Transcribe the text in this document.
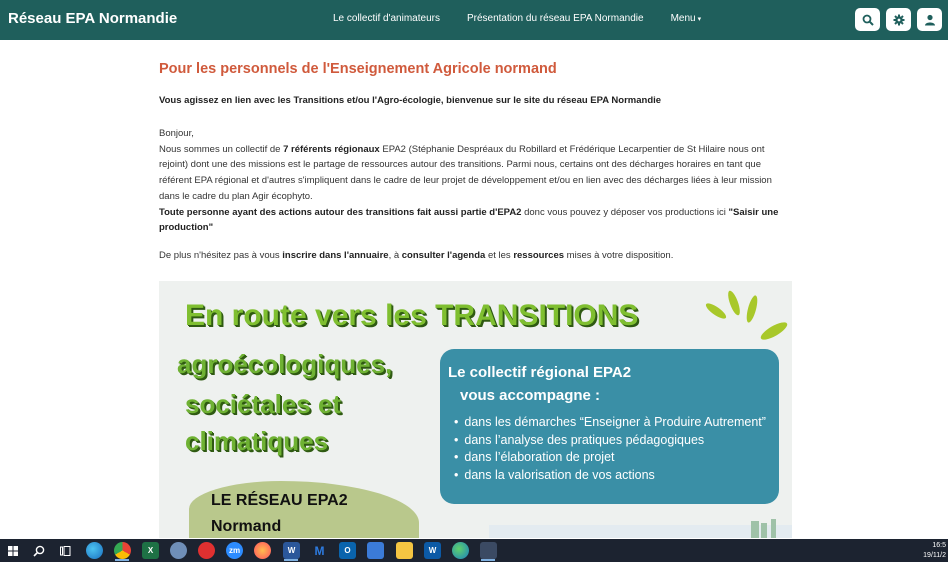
Réseau EPA Normandie	Le collectif d'animateurs	Présentation du réseau EPA Normandie	Menu ▾
Pour les personnels de l'Enseignement Agricole normand
Vous agissez en lien avec les Transitions et/ou l'Agro-écologie, bienvenue sur le site du réseau EPA Normandie
Bonjour,
Nous sommes un collectif de 7 référents régionaux EPA2 (Stéphanie Despréaux du Robillard et Frédérique Lecarpentier de St Hilaire nous ont rejoint) dont une des missions est le partage de ressources autour des transitions. Parmi nous, certains ont des décharges horaires en tant que référent EPA régional et d'autres s'impliquent dans le cadre de leur projet de développement et/ou en lien avec des décharges liées à leur mission dans le cadre du plan Agir écophyto.
Toute personne ayant des actions autour des transitions fait aussi partie d'EPA2 donc vous pouvez y déposer vos productions ici "Saisir une production"
De plus n'hésitez pas à vous inscrire dans l'annuaire, à consulter l'agenda et les ressources mises à votre disposition.
En route vers les TRANSITIONS
agroécologiques,
sociétales et
climatiques
LE RÉSEAU EPA2
Normand
Le collectif régional EPA2
vous accompagne :
• dans les démarches “Enseigner à Produire Autrement”
• dans l’analyse des pratiques pédagogiques
• dans l’élaboration de projet
• dans la valorisation de vos actions
X	zm	W	M	O	W
16:5
19/11/2
